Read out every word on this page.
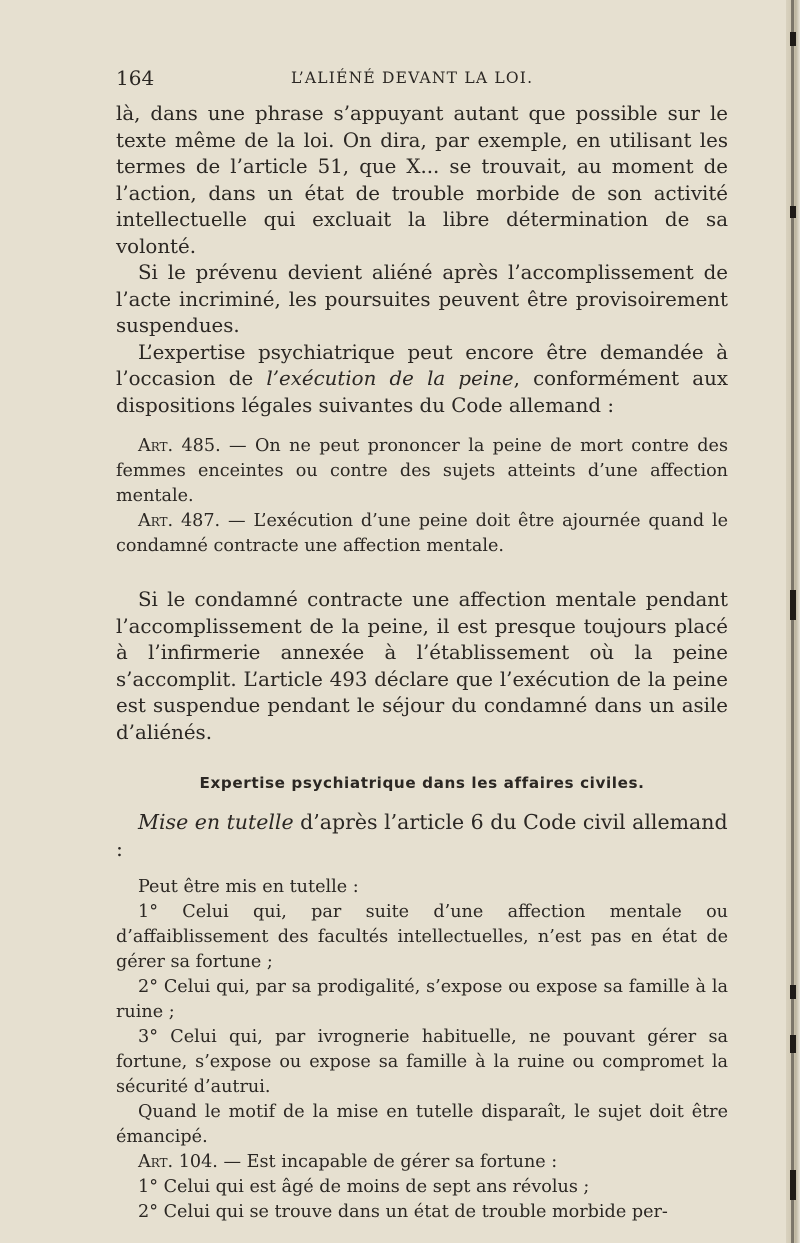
164	L’ALIÉNÉ DEVANT LA LOI.

là, dans une phrase s’appuyant autant que possible sur le texte même de la loi. On dira, par exemple, en utilisant les termes de l’article 51, que X... se trouvait, au moment de l’action, dans un état de trouble morbide de son activité intellectuelle qui excluait la libre détermination de sa volonté.

Si le prévenu devient aliéné après l’accomplissement de l’acte incriminé, les poursuites peuvent être provisoirement suspendues.

L’expertise psychiatrique peut encore être demandée à l’occasion de l’exécution de la peine, conformément aux dispositions légales suivantes du Code allemand :

Art. 485. — On ne peut prononcer la peine de mort contre des femmes enceintes ou contre des sujets atteints d’une affection mentale.

Art. 487. — L’exécution d’une peine doit être ajournée quand le condamné contracte une affection mentale.

Si le condamné contracte une affection mentale pendant l’accomplissement de la peine, il est presque toujours placé à l’infirmerie annexée à l’établissement où la peine s’accomplit. L’article 493 déclare que l’exécution de la peine est suspendue pendant le séjour du condamné dans un asile d’aliénés.

Expertise psychiatrique dans les affaires civiles.

Mise en tutelle d’après l’article 6 du Code civil allemand :

Peut être mis en tutelle :

1° Celui qui, par suite d’une affection mentale ou d’affaiblissement des facultés intellectuelles, n’est pas en état de gérer sa fortune ;

2° Celui qui, par sa prodigalité, s’expose ou expose sa famille à la ruine ;

3° Celui qui, par ivrognerie habituelle, ne pouvant gérer sa fortune, s’expose ou expose sa famille à la ruine ou compromet la sécurité d’autrui.

Quand le motif de la mise en tutelle disparaît, le sujet doit être émancipé.

Art. 104. — Est incapable de gérer sa fortune :

1° Celui qui est âgé de moins de sept ans révolus ;

2° Celui qui se trouve dans un état de trouble morbide per-
